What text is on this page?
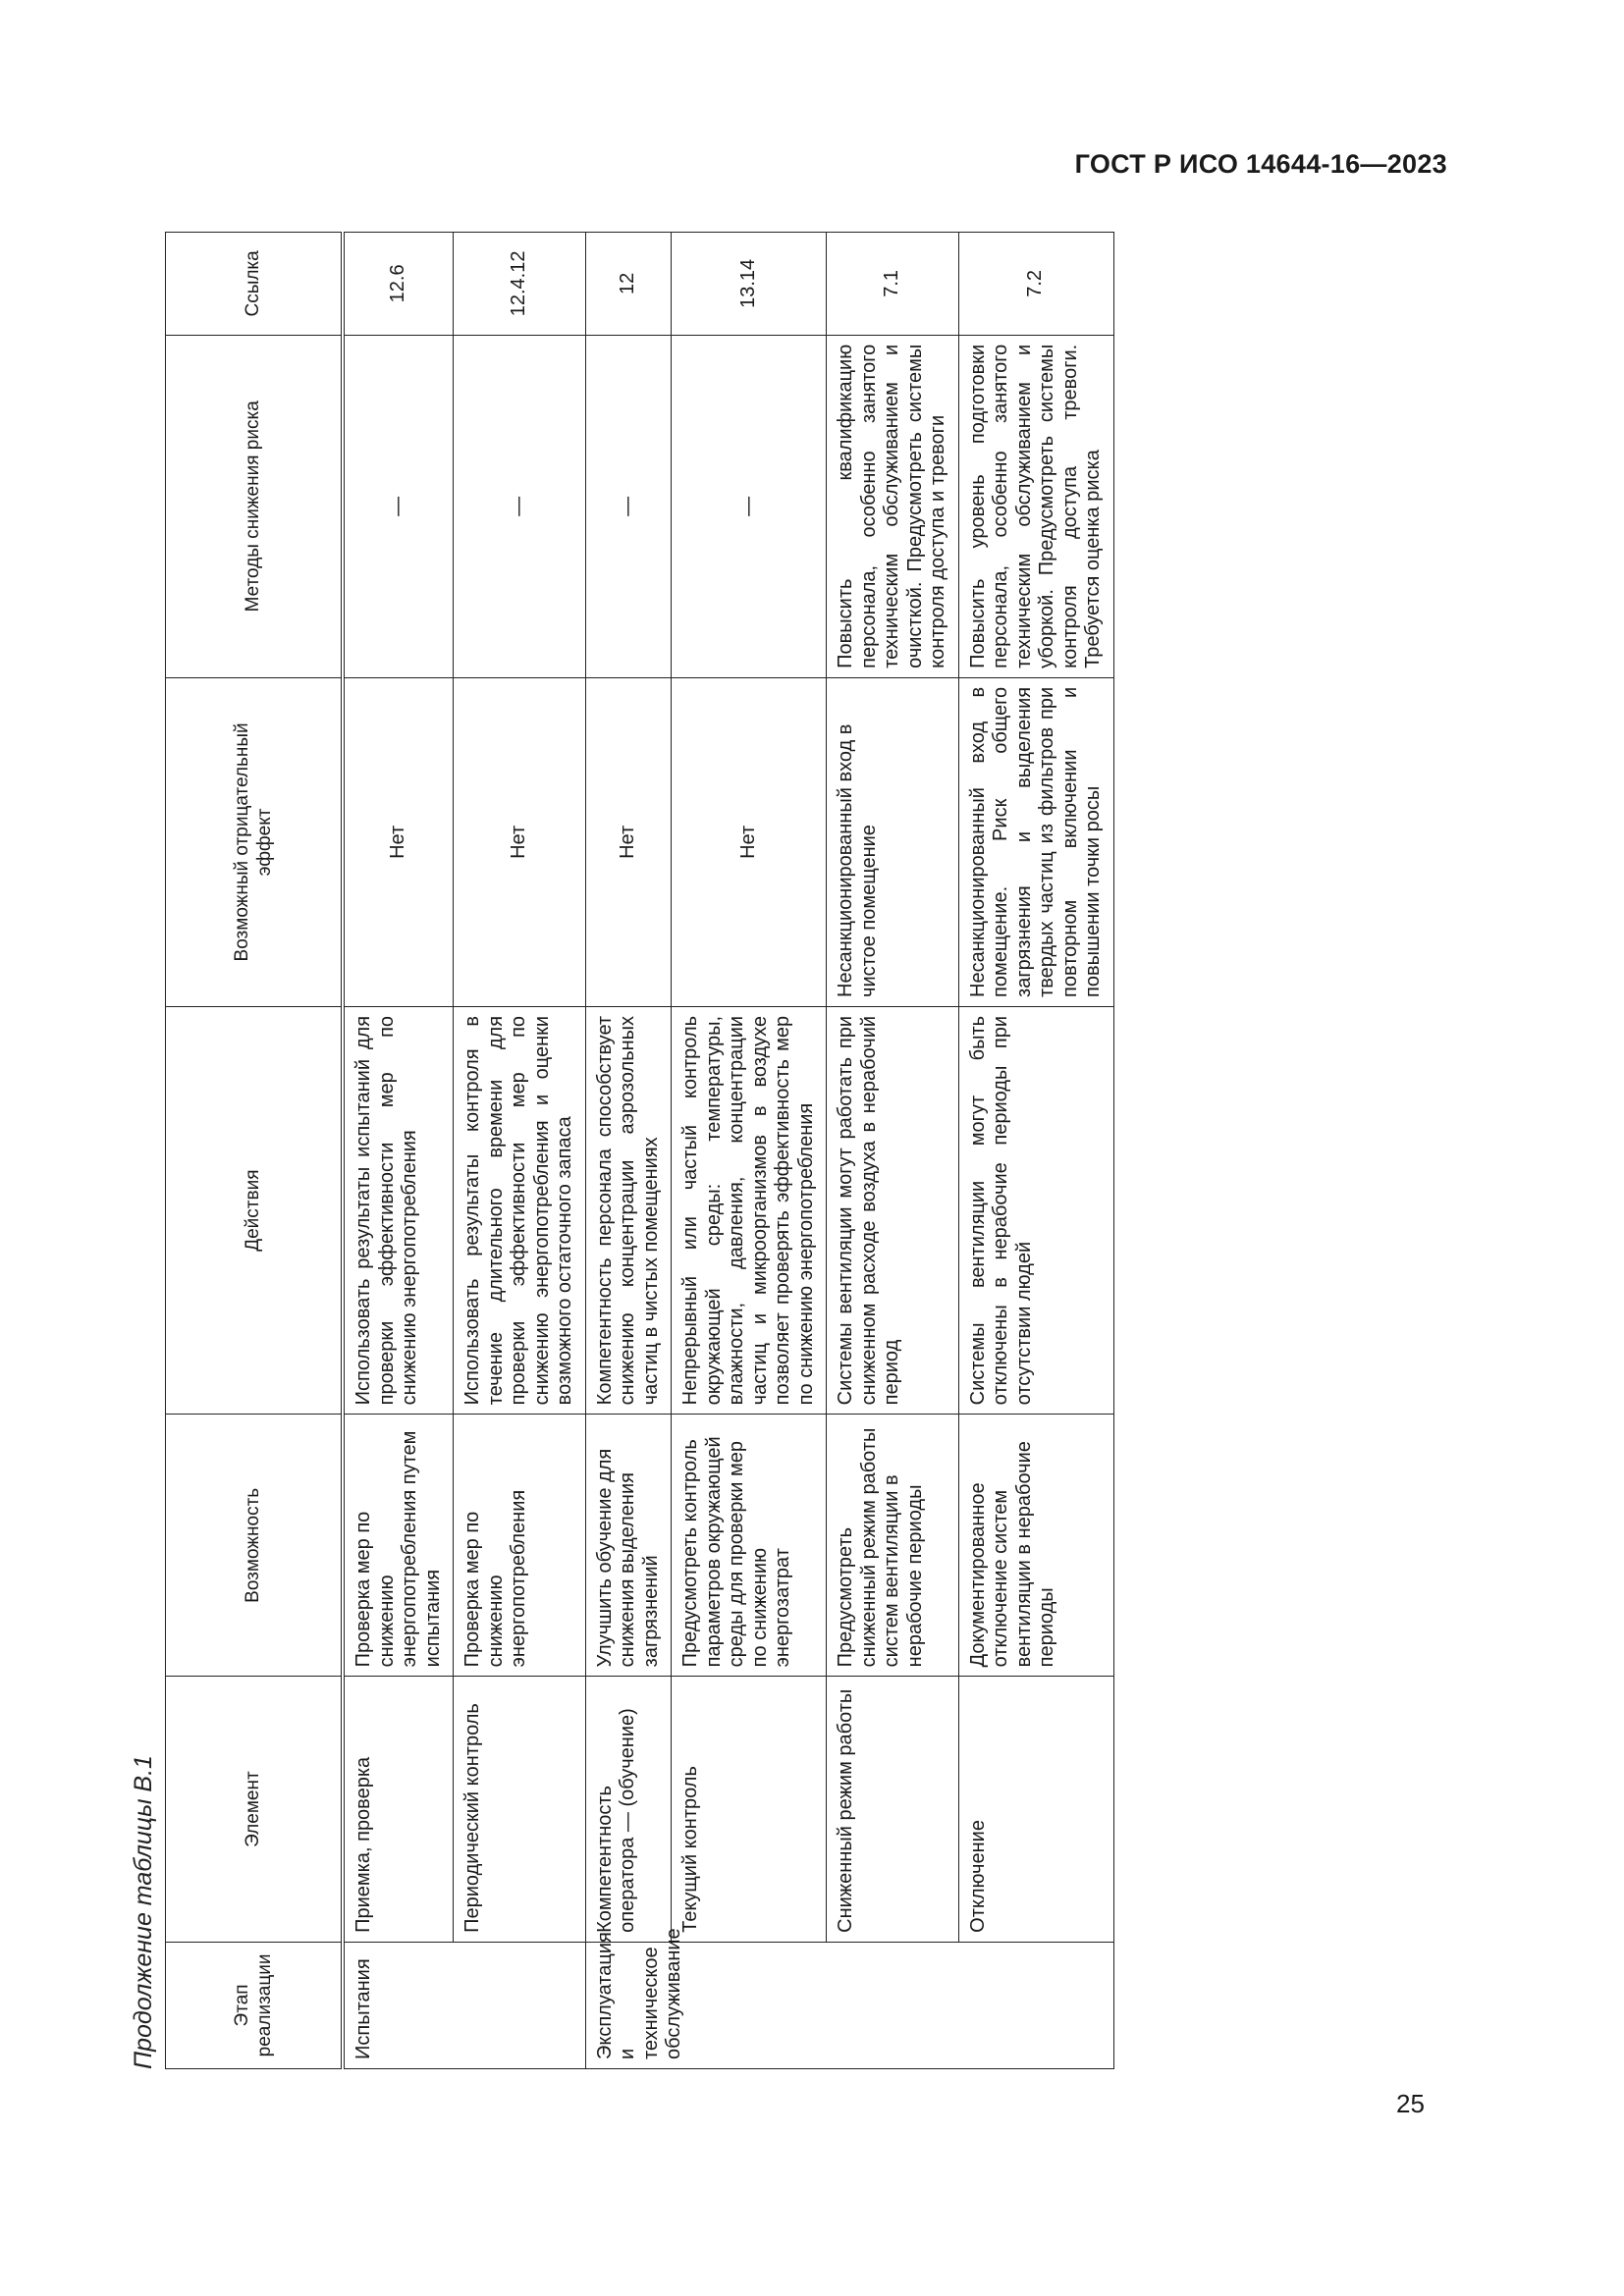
ГОСТ Р ИСО 14644-16—2023
Продолжение таблицы В.1	Этап реализации	Элемент	Возможность	Действия	Возможный отрицательный эффект	Методы снижения риска	Ссылка
Испытания	Приемка, проверка	Проверка мер по снижению энергопотребления путем испытания	Использовать результаты испытаний для проверки эффективности мер по снижению энергопотребления	Нет	—	12.6
	Периодический контроль	Проверка мер по снижению энергопотребления	Использовать результаты контроля в течение длительного времени для проверки эффективности мер по снижению энергопотребления и оценки возможного остаточного запаса	Нет	—	12.4.12
Эксплуатация и техническое обслуживание	Компетентность оператора — (обучение)	Улучшить обучение для снижения выделения загрязнений	Компетентность персонала способствует снижению концентрации аэрозольных частиц в чистых помещениях	Нет	—	12
	Текущий контроль	Предусмотреть контроль параметров окружающей среды для проверки мер по снижению энергозатрат	Непрерывный или частый контроль окружающей среды: температуры, влажности, давления, концентрации частиц и микроорганизмов в воздухе позволяет проверять эффективность мер по снижению энергопотребления	Нет	—	13.14
	Сниженный режим работы	Предусмотреть сниженный режим работы систем вентиляции в нерабочие периоды	Системы вентиляции могут работать при сниженном расходе воздуха в нерабочий период	Несанкционированный вход в чистое помещение	Повысить квалификацию персонала, особенно занятого техническим обслуживанием и очисткой. Предусмотреть системы контроля доступа и тревоги	7.1
	Отключение	Документированное отключение систем вентиляции в нерабочие периоды	Системы вентиляции могут быть отключены в нерабочие периоды при отсутствии людей	Несанкционированный вход в помещение. Риск общего загрязнения и выделения твердых частиц из фильтров при повторном включении и повышении точки росы	Повысить уровень подготовки персонала, особенно занятого техническим обслуживанием и уборкой. Предусмотреть системы контроля доступа тревоги. Требуется оценка риска	7.2
25
